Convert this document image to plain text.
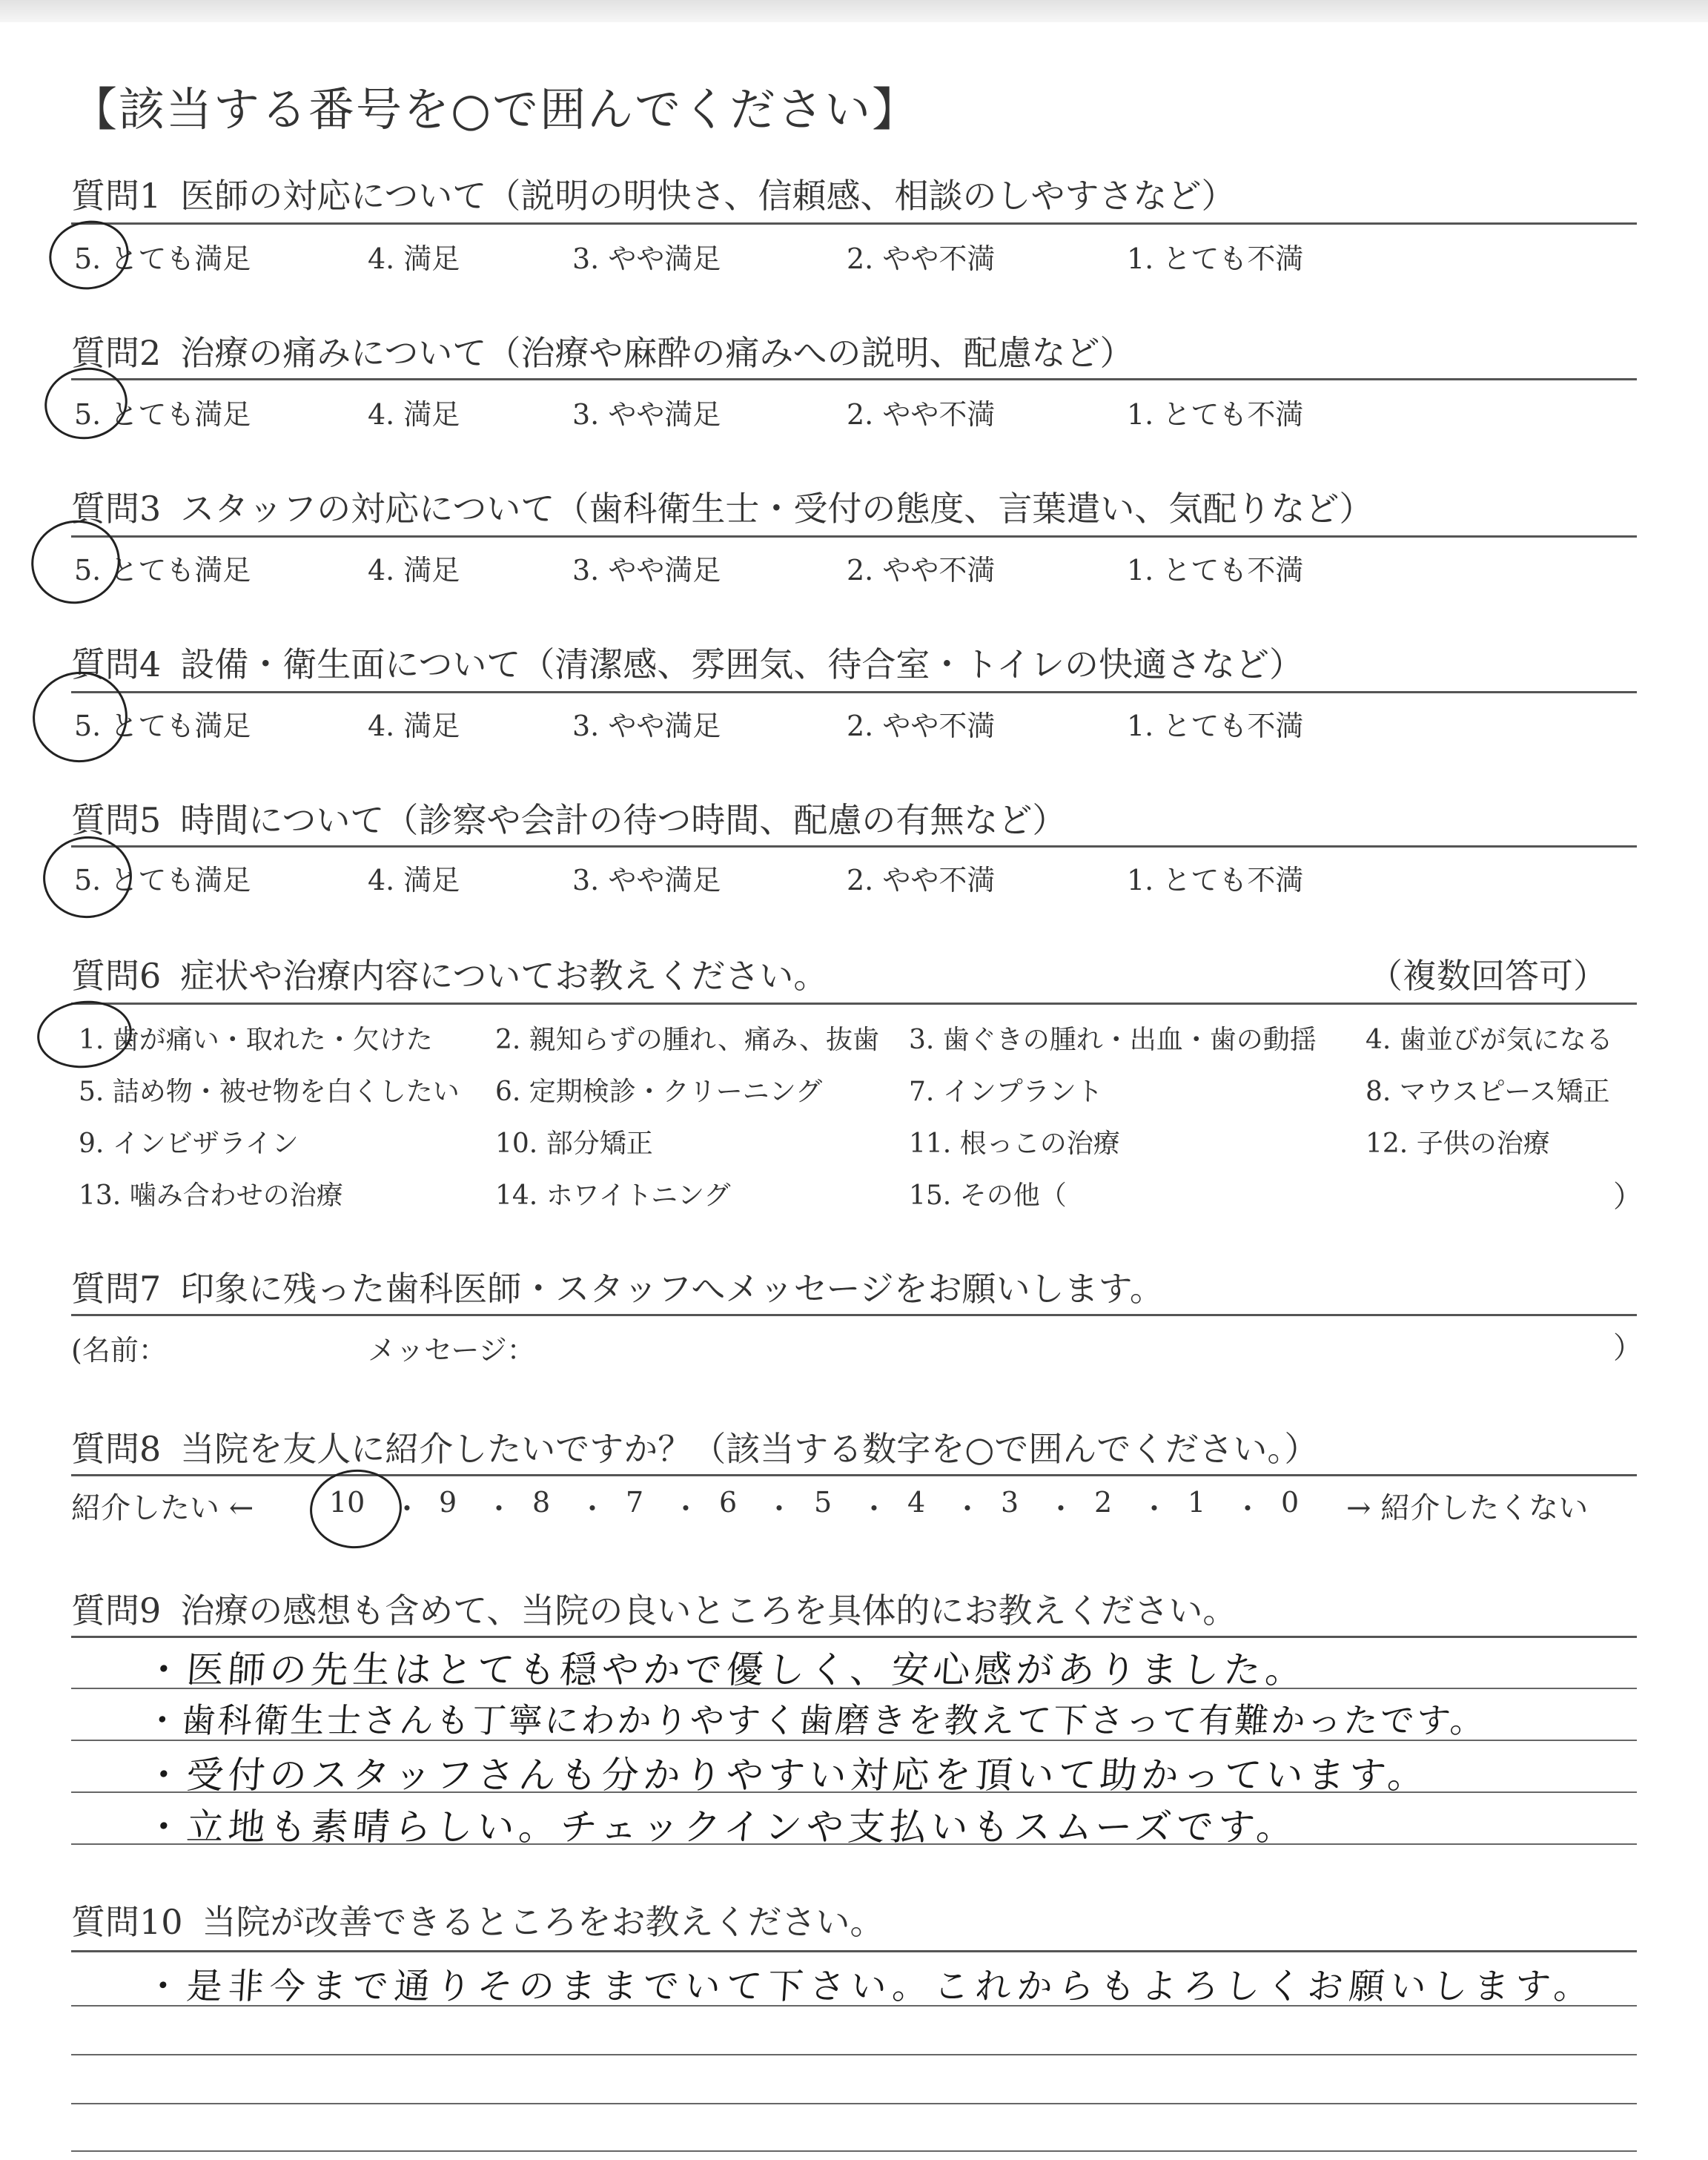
【該当する番号を○で囲んでください】
質問1 医師の対応について（説明の明快さ、信頼感、相談のしやすさなど）
5. とても満足	4. 満足	3. やや満足	2. やや不満	1. とても不満
質問2 治療の痛みについて（治療や麻酔の痛みへの説明、配慮など）
5. とても満足	4. 満足	3. やや満足	2. やや不満	1. とても不満
質問3 スタッフの対応について（歯科衛生士・受付の態度、言葉遣い、気配りなど）
5. とても満足	4. 満足	3. やや満足	2. やや不満	1. とても不満
質問4 設備・衛生面について（清潔感、雰囲気、待合室・トイレの快適さなど）
5. とても満足	4. 満足	3. やや満足	2. やや不満	1. とても不満
質問5 時間について（診察や会計の待つ時間、配慮の有無など）
5. とても満足	4. 満足	3. やや満足	2. やや不満	1. とても不満
質問6 症状や治療内容についてお教えください。	（複数回答可）
1. 歯が痛い・取れた・欠けた 2. 親知らずの腫れ、痛み、抜歯 3. 歯ぐきの腫れ・出血・歯の動揺 4. 歯並びが気になる
5. 詰め物・被せ物を白くしたい 6. 定期検診・クリーニング	7. インプラント	8. マウスピース矯正
9. インビザライン	10. 部分矯正	11. 根っこの治療	12. 子供の治療
13. 噛み合わせの治療	14. ホワイトニング	15. その他（	）
質問7 印象に残った歯科医師・スタッフへメッセージをお願いします。
(名前：	メッセージ：	）
質問8 当院を友人に紹介したいですか？（該当する数字を○で囲んでください。）
紹介したい ←	→ 紹介したくない
10 ・ 9 ・ 8 ・ 7 ・ 6 ・ 5 ・ 4 ・ 3 ・ 2 ・ 1 ・ 0
質問9 治療の感想も含めて、当院の良いところを具体的にお教えください。
・医師の先生はとても穏やかで優しく、安心感がありました。
・歯科衛生士さんも丁寧にわかりやすく歯磨きを教えて下さって有難かったです。
・受付のスタッフさんも分かりやすい対応を頂いて助かっています。
・立地も素晴らしい。チェックインや支払いもスムーズです。
質問10 当院が改善できるところをお教えください。
・是非今まで通りそのままでいて下さい。これからもよろしくお願いします。
